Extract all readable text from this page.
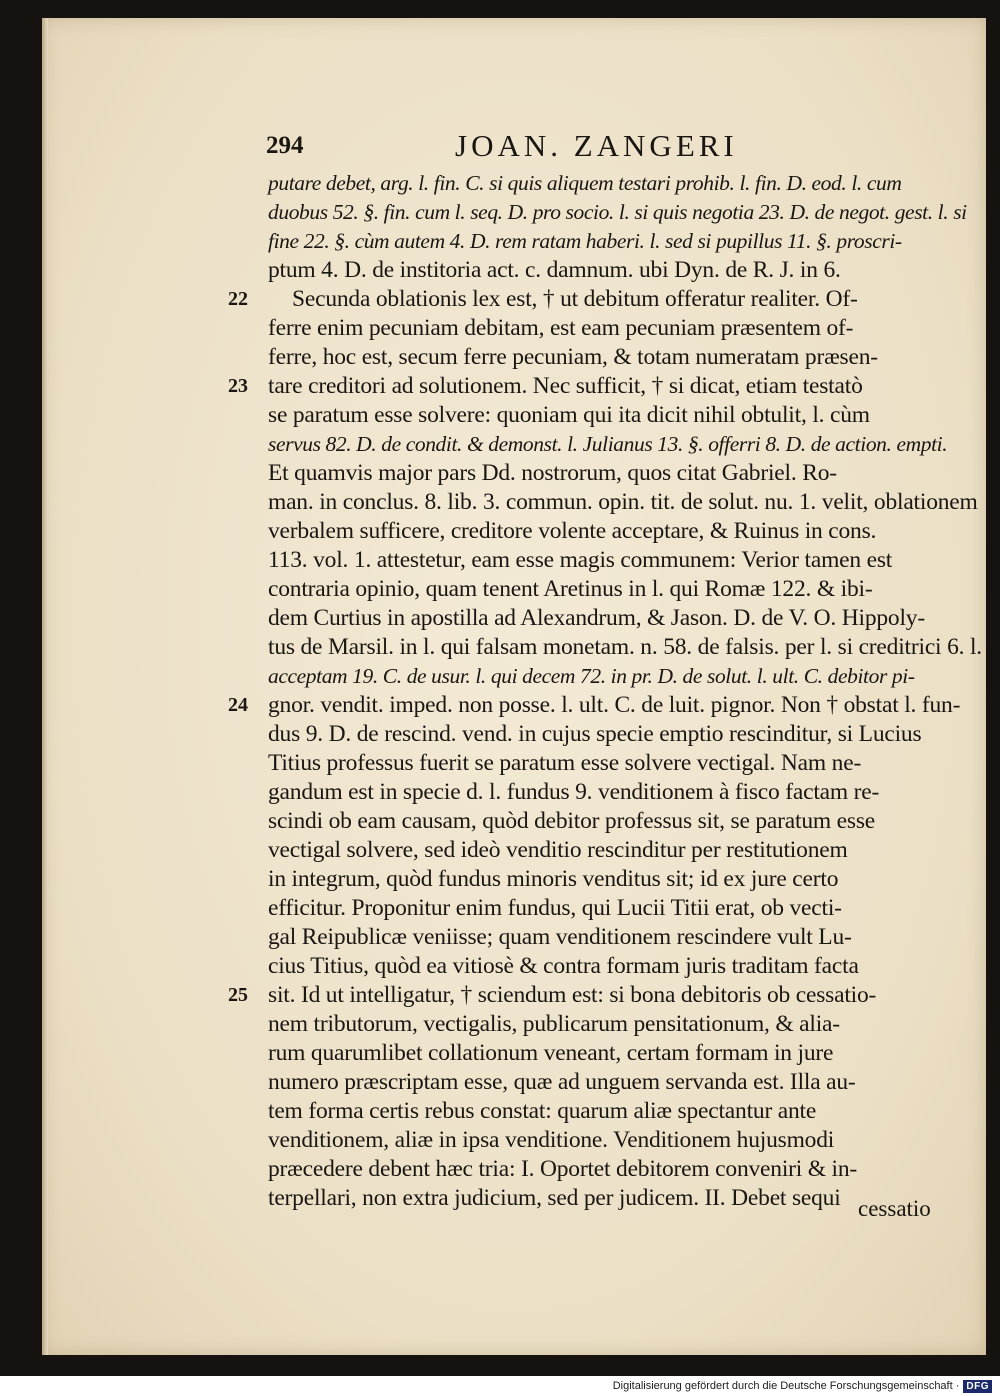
294	JOAN. ZANGERI
putare debet, arg. l. fin. C. si quis aliquem testari prohib. l. fin. D. eod. l. cum
duobus 52. §. fin. cum l. seq. D. pro socio. l. si quis negotia 23. D. de negot. gest. l. si
fine 22. §. cùm autem 4. D. rem ratam haberi. l. sed si pupillus 11. §. proscri-
ptum 4. D. de institoria act. c. damnum. ubi Dyn. de R. J. in 6.
22	Secunda oblationis lex est, † ut debitum offeratur realiter. Of-
ferre enim pecuniam debitam, est eam pecuniam præsentem of-
ferre, hoc est, secum ferre pecuniam, & totam numeratam præsen-
23 tare creditori ad solutionem. Nec sufficit, † si dicat, etiam testatò
se paratum esse solvere: quoniam qui ita dicit nihil obtulit, l. cùm
servus 82. D. de condit. & demonst. l. Julianus 13. §. offerri 8. D. de action. empti.
Et quamvis major pars Dd. nostrorum, quos citat Gabriel. Ro-
man. in conclus. 8. lib. 3. commun. opin. tit. de solut. nu. 1. velit, oblationem
verbalem sufficere, creditore volente acceptare, & Ruinus in cons.
113. vol. 1. attestetur, eam esse magis communem: Verior tamen est
contraria opinio, quam tenent Aretinus in l. qui Romæ 122. & ibi-
dem Curtius in apostilla ad Alexandrum, & Jason. D. de V. O. Hippoly-
tus de Marsil. in l. qui falsam monetam. n. 58. de falsis. per l. si creditrici 6. l.
acceptam 19. C. de usur. l. qui decem 72. in pr. D. de solut. l. ult. C. debitor pi-
24 gnor. vendit. imped. non posse. l. ult. C. de luit. pignor. Non † obstat l. fun-
dus 9. D. de rescind. vend. in cujus specie emptio rescinditur, si Lucius
Titius professus fuerit se paratum esse solvere vectigal. Nam ne-
gandum est in specie d. l. fundus 9. venditionem à fisco factam re-
scindi ob eam causam, quòd debitor professus sit, se paratum esse
vectigal solvere, sed ideò venditio rescinditur per restitutionem
in integrum, quòd fundus minoris venditus sit; id ex jure certo
efficitur. Proponitur enim fundus, qui Lucii Titii erat, ob vecti-
gal Reipublicæ veniisse; quam venditionem rescindere vult Lu-
cius Titius, quòd ea vitiosè & contra formam juris traditam facta
25 sit. Id ut intelligatur, † sciendum est: si bona debitoris ob cessatio-
nem tributorum, vectigalis, publicarum pensitationum, & alia-
rum quarumlibet collationum veneant, certam formam in jure
numero præscriptam esse, quæ ad unguem servanda est. Illa au-
tem forma certis rebus constat: quarum aliæ spectantur ante
venditionem, aliæ in ipsa venditione. Venditionem hujusmodi
præcedere debent hæc tria: I. Oportet debitorem conveniri & in-
terpellari, non extra judicium, sed per judicem. II. Debet sequi cessatio
Digitalisierung gefördert durch die Deutsche Forschungsgemeinschaft · DFG
